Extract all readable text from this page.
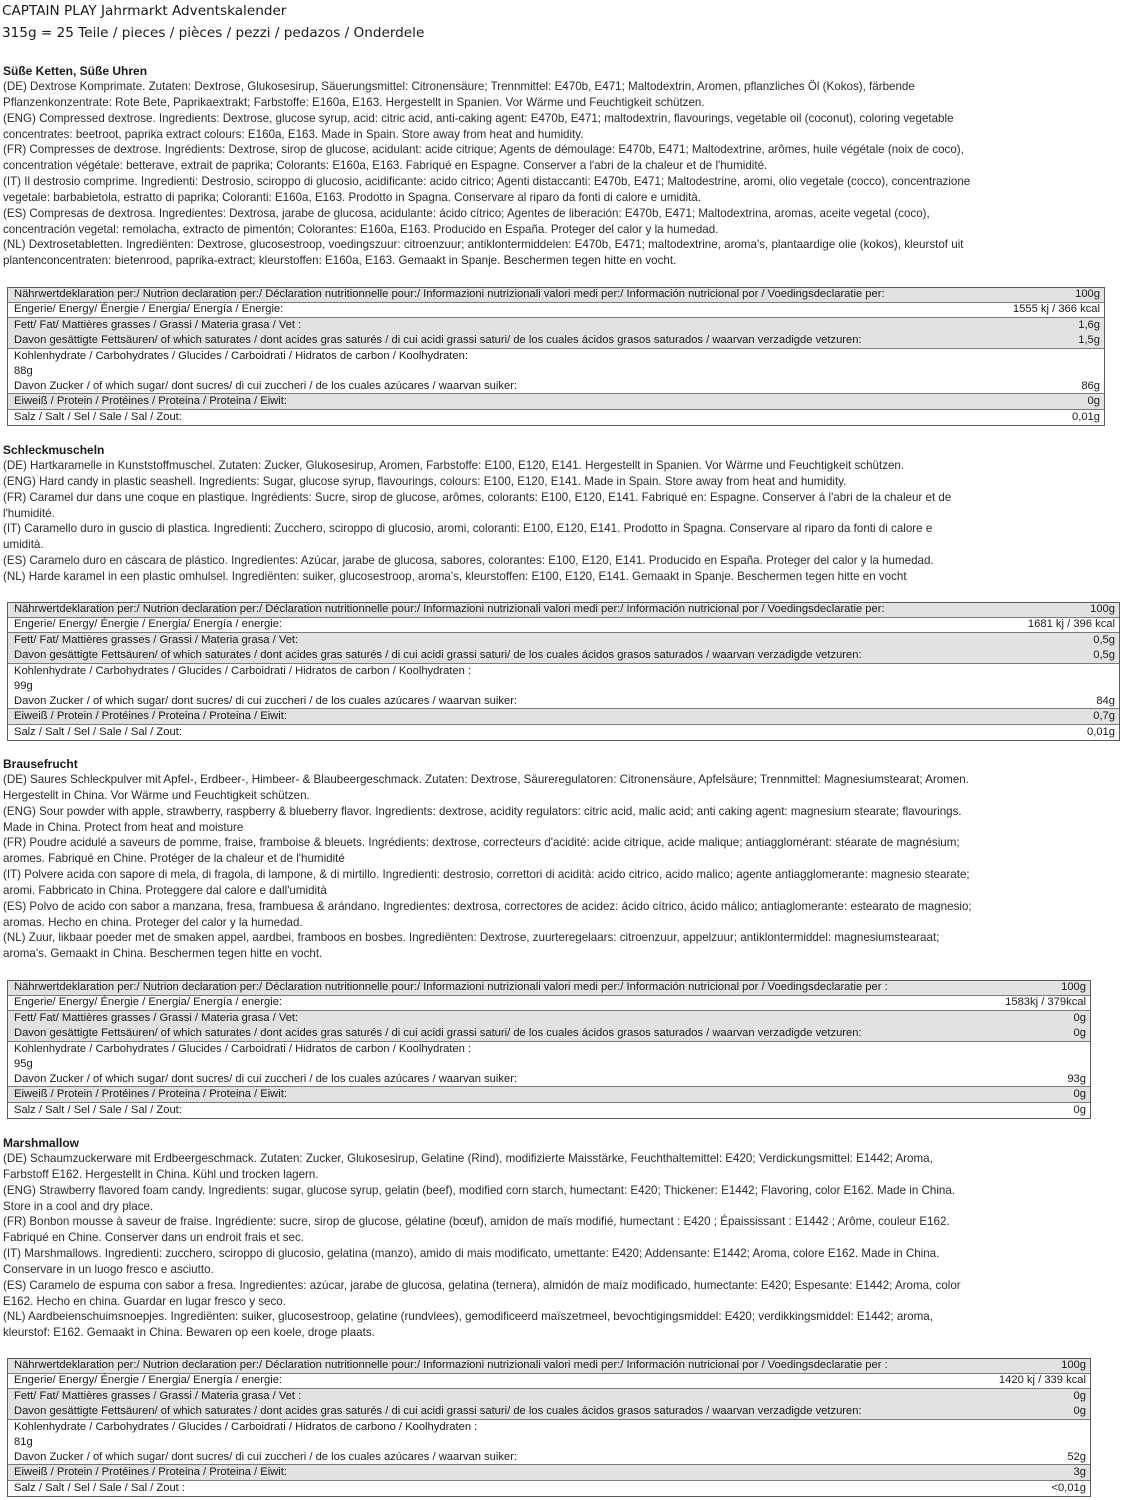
CAPTAIN PLAY Jahrmarkt Adventskalender
315g = 25 Teile / pieces / pièces / pezzi / pedazos / Onderdele
Süße Ketten, Süße Uhren
(DE) Dextrose Komprimate. Zutaten: Dextrose, Glukosesirup, Säuerungsmittel: Citronensäure; Trennmittel: E470b, E471; Maltodextrin, Aromen, pflanzliches Öl (Kokos), färbende
Pflanzenkonzentrate: Rote Bete, Paprikaextrakt; Farbstoffe: E160a, E163. Hergestellt in Spanien. Vor Wärme und Feuchtigkeit schützen.
(ENG) Compressed dextrose. Ingredients: Dextrose, glucose syrup, acid: citric acid, anti-caking agent: E470b, E471; maltodextrin, flavourings, vegetable oil (coconut), coloring vegetable
concentrates: beetroot, paprika extract colours: E160a, E163. Made in Spain. Store away from heat and humidity.
(FR) Compresses de dextrose. Ingrédients: Dextrose, sirop de glucose, acidulant: acide citrique; Agents de démoulage: E470b, E471; Maltodextrine, arômes, huile végétale (noix de coco),
concentration végétale: betterave, extrait de paprika; Colorants: E160a, E163. Fabriqué en Espagne. Conserver a l'abri de la chaleur et de l'humidité.
(IT) Il destrosio comprime. Ingredienti: Destrosio, sciroppo di glucosio, acidificante: acido citrico; Agenti distaccanti: E470b, E471; Maltodestrine, aromi, olio vegetale (cocco), concentrazione
vegetale: barbabietola, estratto di paprika; Coloranti: E160a, E163. Prodotto in Spagna. Conservare al riparo da fonti di calore e umidità.
(ES) Compresas de dextrosa. Ingredientes: Dextrosa, jarabe de glucosa, acidulante: ácido cítrico; Agentes de liberación: E470b, E471; Maltodextrina, aromas, aceite vegetal (coco),
concentración vegetal: remolacha, extracto de pimentón; Colorantes: E160a, E163. Producido en España. Proteger del calor y la humedad.
(NL) Dextrosetabletten. Ingrediënten: Dextrose, glucosestroop, voedingszuur: citroenzuur; antiklontermiddelen: E470b, E471; maltodextrine, aroma's, plantaardige olie (kokos), kleurstof uit
plantenconcentraten: bietenrood, paprika-extract; kleurstoffen: E160a, E163. Gemaakt in Spanje. Beschermen tegen hitte en vocht.
Nährwertdeklaration per:/ Nutrion declaration per:/ Déclaration nutritionnelle pour:/ Informazioni nutrizionali valori medi per:/ Información nutricional por / Voedingsdeclaratie per:	100g
Engerie/ Energy/ Énergie / Energia/ Energía / Energie:	1555 kj / 366 kcal
Fett/ Fat/ Mattières grasses / Grassi / Materia grasa / Vet :	1,6g
Davon gesättigte Fettsäuren/ of which saturates / dont acides gras saturés / di cui acidi grassi saturi/ de los cuales ácidos grasos saturados / waarvan verzadigde vetzuren:	1,5g
Kohlenhydrate / Carbohydrates / Glucides / Carboidrati / Hidratos de carbon / Koolhydraten:
88g
Davon Zucker / of which sugar/ dont sucres/ di cui zuccheri / de los cuales azúcares / waarvan suiker:	86g
Eiweiß / Protein / Protéines / Proteina / Proteina / Eiwit:	0g
Salz / Salt / Sel / Sale / Sal / Zout:	0,01g
Schleckmuscheln
(DE) Hartkaramelle in Kunststoffmuschel. Zutaten: Zucker, Glukosesirup, Aromen, Farbstoffe: E100, E120, E141. Hergestellt in Spanien. Vor Wärme und Feuchtigkeit schützen.
(ENG) Hard candy in plastic seashell. Ingredients: Sugar, glucose syrup, flavourings, colours: E100, E120, E141. Made in Spain. Store away from heat and humidity.
(FR) Caramel dur dans une coque en plastique. Ingrédients: Sucre, sirop de glucose, arômes, colorants: E100, E120, E141. Fabriqué en: Espagne. Conserver á l'abri de la chaleur et de
l'humidité.
(IT) Caramello duro in guscio di plastica. Ingredienti: Zucchero, sciroppo di glucosio, aromi, coloranti: E100, E120, E141. Prodotto in Spagna. Conservare al riparo da fonti di calore e
umidità.
(ES) Caramelo duro en cáscara de plástico. Ingredientes: Azúcar, jarabe de glucosa, sabores, colorantes: E100, E120, E141. Producido en España. Proteger del calor y la humedad.
(NL) Harde karamel in een plastic omhulsel. Ingrediënten: suiker, glucosestroop, aroma's, kleurstoffen: E100, E120, E141. Gemaakt in Spanje. Beschermen tegen hitte en vocht
Nährwertdeklaration per:/ Nutrion declaration per:/ Déclaration nutritionnelle pour:/ Informazioni nutrizionali valori medi per:/ Información nutricional por / Voedingsdeclaratie per:	100g
Engerie/ Energy/ Énergie / Energia/ Energía / energie:	1681 kj / 396 kcal
Fett/ Fat/ Mattières grasses / Grassi / Materia grasa / Vet:	0,5g
Davon gesättigte Fettsäuren/ of which saturates / dont acides gras saturés / di cui acidi grassi saturi/ de los cuales ácidos grasos saturados / waarvan verzadigde vetzuren:	0,5g
Kohlenhydrate / Carbohydrates / Glucides / Carboidrati / Hidratos de carbon / Koolhydraten :
99g
Davon Zucker / of which sugar/ dont sucres/ di cui zuccheri / de los cuales azúcares / waarvan suiker:	84g
Eiweiß / Protein / Protéines / Proteina / Proteina / Eiwit:	0,7g
Salz / Salt / Sel / Sale / Sal / Zout:	0,01g
Brausefrucht
(DE) Saures Schleckpulver mit Apfel-, Erdbeer-, Himbeer- & Blaubeergeschmack. Zutaten: Dextrose, Säureregulatoren: Citronensäure, Apfelsäure; Trennmittel: Magnesiumstearat; Aromen.
Hergestellt in China. Vor Wärme und Feuchtigkeit schützen.
(ENG) Sour powder with apple, strawberry, raspberry & blueberry flavor. Ingredients: dextrose, acidity regulators: citric acid, malic acid; anti caking agent: magnesium stearate; flavourings.
Made in China. Protect from heat and moisture
(FR) Poudre acidulé a saveurs de pomme, fraise, framboise & bleuets. Ingrédients: dextrose, correcteurs d'acidité: acide citrique, acide malique; antiagglomérant: stéarate de magnésium;
aromes. Fabriqué en Chine. Protéger de la chaleur et de l'humidité
(IT) Polvere acida con sapore di mela, di fragola, di lampone, & di mirtillo. Ingredienti: destrosio, correttori di acidità: acido citrico, acido malico; agente antiagglomerante: magnesio stearate;
aromi. Fabbricato in China. Proteggere dal calore e dall'umidità
(ES) Polvo de acido con sabor a manzana, fresa, frambuesa & arándano. Ingredientes: dextrosa, correctores de acidez: ácido cítrico, ácido málico; antiaglomerante: estearato de magnesio;
aromas. Hecho en china. Proteger del calor y la humedad.
(NL) Zuur, likbaar poeder met de smaken appel, aardbei, framboos en bosbes. Ingrediënten: Dextrose, zuurteregelaars: citroenzuur, appelzuur; antiklontermiddel: magnesiumstearaat;
aroma's. Gemaakt in China. Beschermen tegen hitte en vocht.
Nährwertdeklaration per:/ Nutrion declaration per:/ Déclaration nutritionnelle pour:/ Informazioni nutrizionali valori medi per:/ Información nutricional por / Voedingsdeclaratie per :	100g
Engerie/ Energy/ Énergie / Energia/ Energía / energie:	1583kj / 379kcal
Fett/ Fat/ Mattières grasses / Grassi / Materia grasa / Vet:	0g
Davon gesättigte Fettsäuren/ of which saturates / dont acides gras saturés / di cui acidi grassi saturi/ de los cuales ácidos grasos saturados / waarvan verzadigde vetzuren:	0g
Kohlenhydrate / Carbohydrates / Glucides / Carboidrati / Hidratos de carbon / Koolhydraten :
95g
Davon Zucker / of which sugar/ dont sucres/ di cui zuccheri / de los cuales azúcares / waarvan suiker:	93g
Eiweiß / Protein / Protéines / Proteina / Proteina / Eiwit:	0g
Salz / Salt / Sel / Sale / Sal / Zout:	0g
Marshmallow
(DE) Schaumzuckerware mit Erdbeergeschmack. Zutaten: Zucker, Glukosesirup, Gelatine (Rind), modifizierte Maisstärke, Feuchthaltemittel: E420; Verdickungsmittel: E1442; Aroma,
Farbstoff E162. Hergestellt in China. Kühl und trocken lagern.
(ENG) Strawberry flavored foam candy. Ingredients: sugar, glucose syrup, gelatin (beef), modified corn starch, humectant: E420; Thickener: E1442; Flavoring, color E162. Made in China.
Store in a cool and dry place.
(FR) Bonbon mousse à saveur de fraise. Ingrédiente: sucre, sirop de glucose, gélatine (bœuf), amidon de maïs modifié, humectant : E420 ; Épaississant : E1442 ; Arôme, couleur E162.
Fabriqué en Chine. Conserver dans un endroit frais et sec.
(IT) Marshmallows. Ingredienti: zucchero, sciroppo di glucosio, gelatina (manzo), amido di mais modificato, umettante: E420; Addensante: E1442; Aroma, colore E162. Made in China.
Conservare in un luogo fresco e asciutto.
(ES) Caramelo de espuma con sabor a fresa. Ingredientes: azúcar, jarabe de glucosa, gelatina (ternera), almidón de maíz modificado, humectante: E420; Espesante: E1442; Aroma, color
E162. Hecho en china. Guardar en lugar fresco y seco.
(NL) Aardbeienschuimsnoepjes. Ingrediënten: suiker, glucosestroop, gelatine (rundvlees), gemodificeerd maïszetmeel, bevochtigingsmiddel: E420; verdikkingsmiddel: E1442; aroma,
kleurstof: E162. Gemaakt in China. Bewaren op een koele, droge plaats.
Nährwertdeklaration per:/ Nutrion declaration per:/ Déclaration nutritionnelle pour:/ Informazioni nutrizionali valori medi per:/ Información nutricional por / Voedingsdeclaratie per :	100g
Engerie/ Energy/ Énergie / Energia/ Energía / energie:	1420 kj / 339 kcal
Fett/ Fat/ Mattières grasses / Grassi / Materia grasa / Vet :	0g
Davon gesättigte Fettsäuren/ of which saturates / dont acides gras saturés / di cui acidi grassi saturi/ de los cuales ácidos grasos saturados / waarvan verzadigde vetzuren:	0g
Kohlenhydrate / Carbohydrates / Glucides / Carboidrati / Hidratos de carbono / Koolhydraten :
81g
Davon Zucker / of which sugar/ dont sucres/ di cui zuccheri / de los cuales azúcares / waarvan suiker:	52g
Eiweiß / Protein / Protéines / Proteina / Proteina / Eiwit:	3g
Salz / Salt / Sel / Sale / Sal / Zout :	<0,01g
